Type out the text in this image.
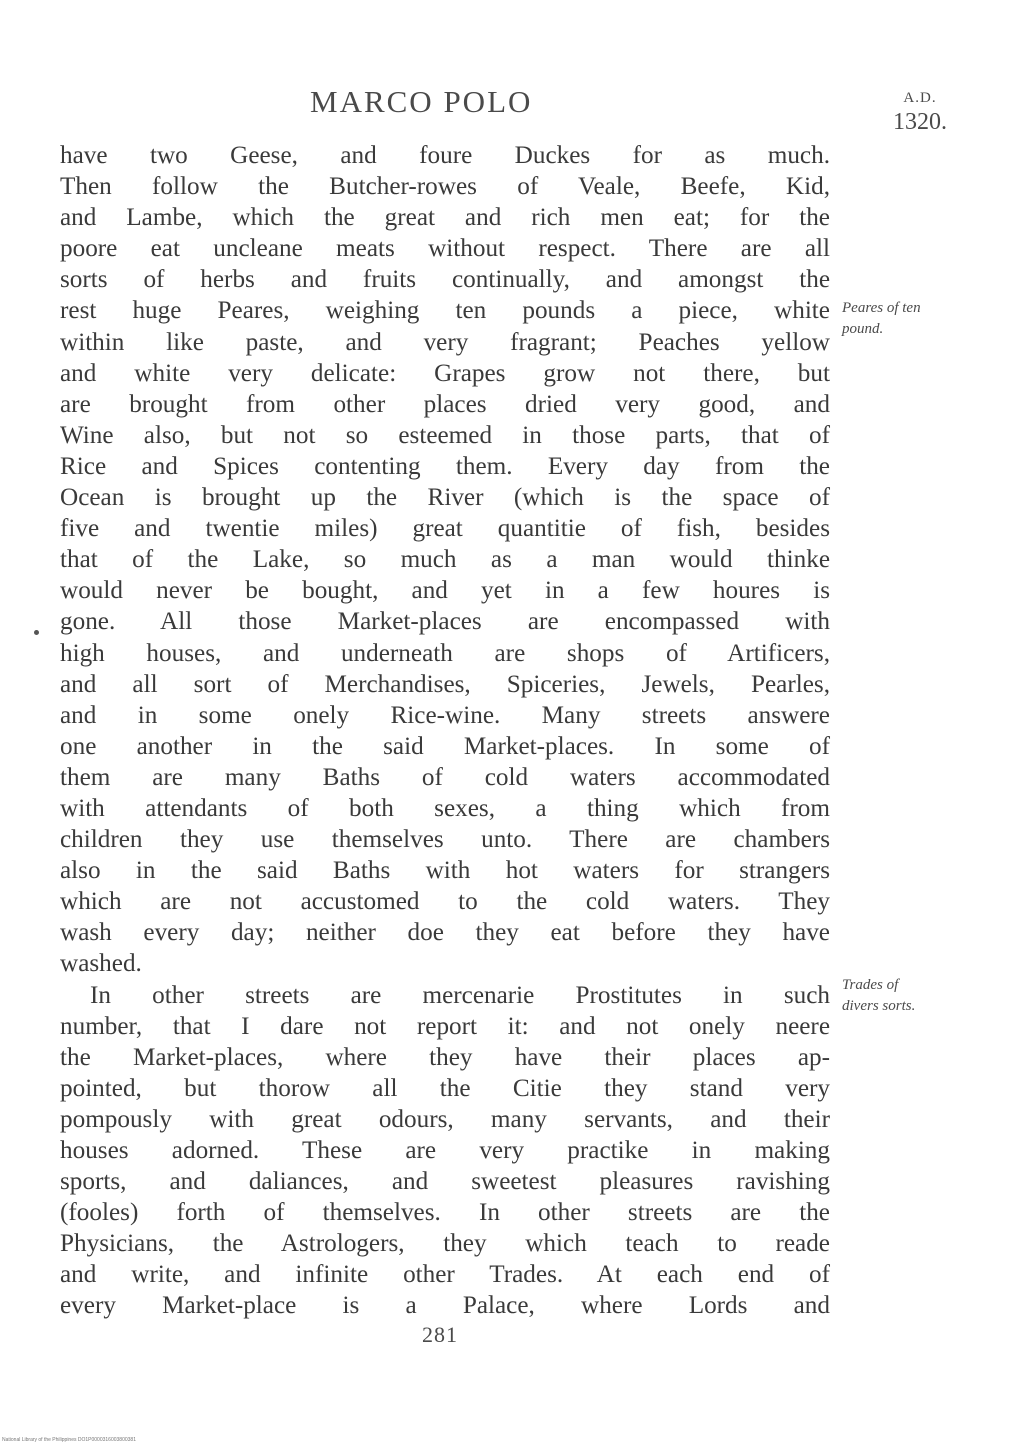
MARCO POLO	A.D.
1320.
have two Geese, and foure Duckes for as much.
Then follow the Butcher-rowes of Veale, Beefe, Kid,
and Lambe, which the great and rich men eat; for the
poore eat uncleane meats without respect. There are all
sorts of herbs and fruits continually, and amongst the
rest huge Peares, weighing ten pounds a piece, white
within like paste, and very fragrant; Peaches yellow
and white very delicate: Grapes grow not there, but
are brought from other places dried very good, and
Wine also, but not so esteemed in those parts, that of
Rice and Spices contenting them. Every day from the
Ocean is brought up the River (which is the space of
five and twentie miles) great quantitie of fish, besides
that of the Lake, so much as a man would thinke
would never be bought, and yet in a few houres is
gone. All those Market-places are encompassed with
high houses, and underneath are shops of Artificers,
and all sort of Merchandises, Spiceries, Jewels, Pearles,
and in some onely Rice-wine. Many streets answere
one another in the said Market-places. In some of
them are many Baths of cold waters accommodated
with attendants of both sexes, a thing which from
children they use themselves unto. There are chambers
also in the said Baths with hot waters for strangers
which are not accustomed to the cold waters. They
wash every day; neither doe they eat before they have
washed.
In other streets are mercenarie Prostitutes in such
number, that I dare not report it: and not onely neere
the Market-places, where they have their places ap-
pointed, but thorow all the Citie they stand very
pompously with great odours, many servants, and their
houses adorned. These are very practike in making
sports, and daliances, and sweetest pleasures ravishing
(fooles) forth of themselves. In other streets are the
Physicians, the Astrologers, they which teach to reade
and write, and infinite other Trades. At each end of
every Market-place is a Palace, where Lords and
Peares of ten
pound.
Trades of
divers sorts.
281
National Library of the Philippines DO1P0000316003800381
